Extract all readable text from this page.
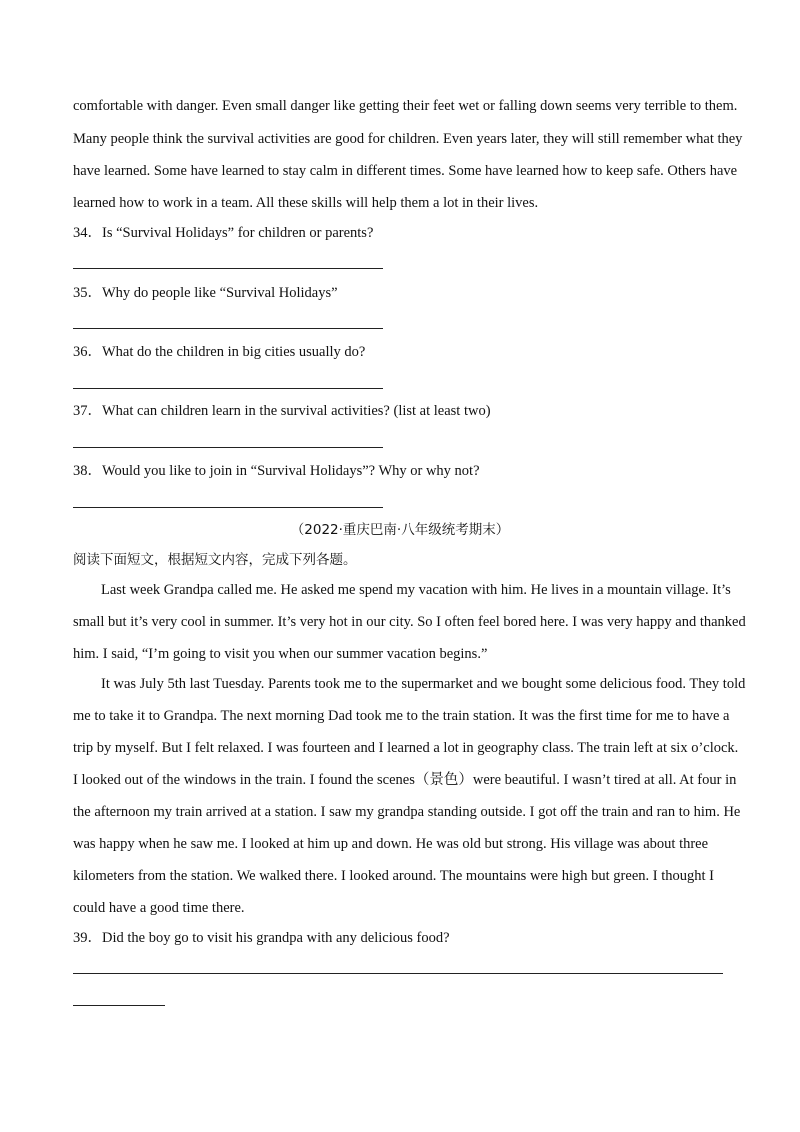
comfortable with danger. Even small danger like getting their feet wet or falling down seems very terrible to them.
Many people think the survival activities are good for children. Even years later, they will still remember what they
have learned. Some have learned to stay calm in different times. Some have learned how to keep safe. Others have
learned how to work in a team. All these skills will help them a lot in their lives.
34．Is “Survival Holidays” for children or parents?
35．Why do people like “Survival Holidays”
36．What do the children in big cities usually do?
37．What can children learn in the survival activities? (list at least two)
38．Would you like to join in “Survival Holidays”? Why or why not?
（2022·重庆巴南·八年级统考期末）
阅读下面短文，根据短文内容，完成下列各题。
Last week Grandpa called me. He asked me spend my vacation with him. He lives in a mountain village. It’s
small but it’s very cool in summer. It’s very hot in our city. So I often feel bored here. I was very happy and thanked
him. I said, “I’m going to visit you when our summer vacation begins.”
It was July 5th last Tuesday. Parents took me to the supermarket and we bought some delicious food. They told
me to take it to Grandpa. The next morning Dad took me to the train station. It was the first time for me to have a
trip by myself. But I felt relaxed. I was fourteen and I learned a lot in geography class. The train left at six o’clock.
I looked out of the windows in the train. I found the scenes（景色）were beautiful. I wasn’t tired at all. At four in
the afternoon my train arrived at a station. I saw my grandpa standing outside. I got off the train and ran to him. He
was happy when he saw me. I looked at him up and down. He was old but strong. His village was about three
kilometers from the station. We walked there. I looked around. The mountains were high but green. I thought I
could have a good time there.
39．Did the boy go to visit his grandpa with any delicious food?
